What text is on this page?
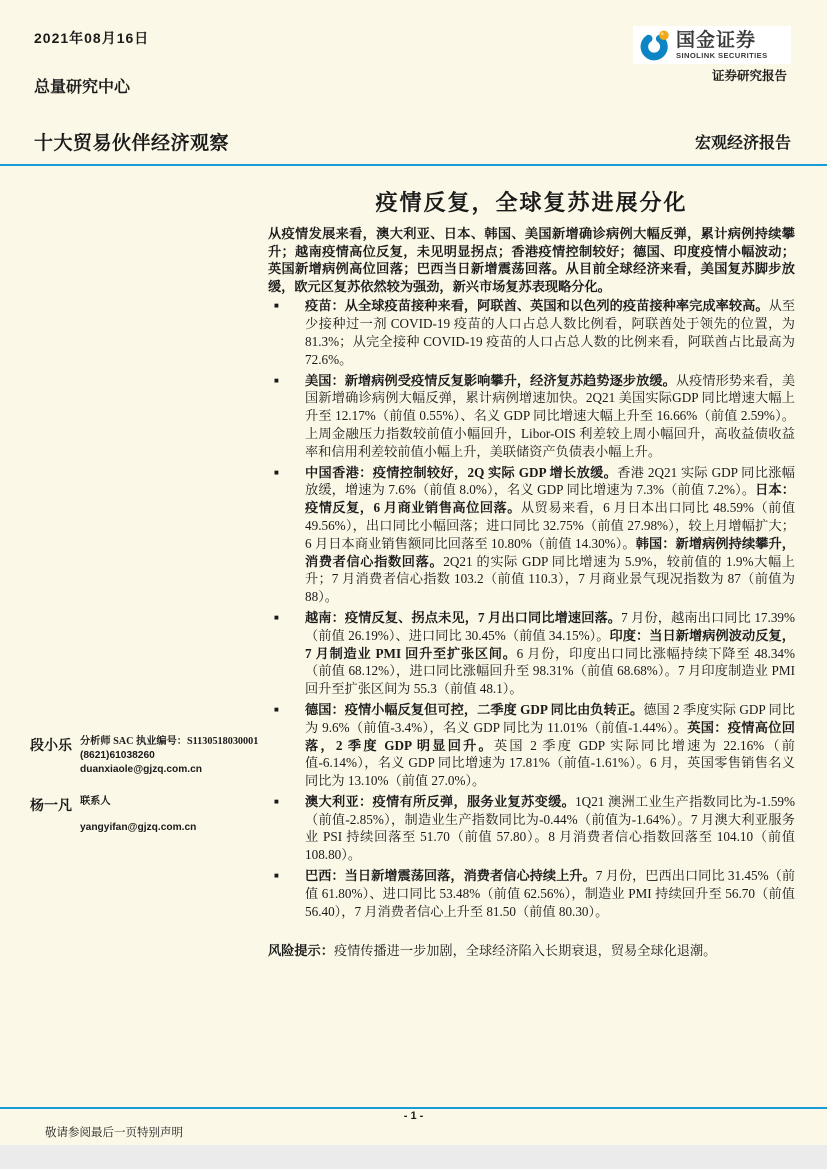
2021年08月16日	国金证券
SINOLINK SECURITIES
证券研究报告
总量研究中心
十大贸易伙伴经济观察	宏观经济报告
段小乐 分析师 SAC 执业编号：S1130518030001
(8621)61038260
duanxiaole@gjzq.com.cn
杨一凡 联系人
yangyifan@gjzq.com.cn
疫情反复，全球复苏进展分化

从疫情发展来看，澳大利亚、日本、韩国、美国新增确诊病例大幅反弹，累计病例持续攀升；越南疫情高位反复，未见明显拐点；香港疫情控制较好；德国、印度疫情小幅波动；英国新增病例高位回落；巴西当日新增震荡回落。从目前全球经济来看，美国复苏脚步放缓，欧元区复苏依然较为强劲，新兴市场复苏表现略分化。

■	疫苗：从全球疫苗接种来看，阿联酋、英国和以色列的疫苗接种率完成率较高。从至少接种过一剂 COVID-19 疫苗的人口占总人数比例看，阿联酋处于领先的位置，为 81.3%；从完全接种 COVID-19 疫苗的人口占总人数的比例来看，阿联酋占比最高为 72.6%。
■	美国：新增病例受疫情反复影响攀升，经济复苏趋势逐步放缓。从疫情形势来看，美国新增确诊病例大幅反弹，累计病例增速加快。2Q21 美国实际GDP 同比增速大幅上升至 12.17%（前值 0.55%）、名义 GDP 同比增速大幅上升至 16.66%（前值 2.59%）。上周金融压力指数较前值小幅回升，Libor-OIS 利差较上周小幅回升，高收益债收益率和信用利差较前值小幅上升，美联储资产负债表小幅上升。
■	中国香港：疫情控制较好，2Q 实际 GDP 增长放缓。香港 2Q21 实际 GDP 同比涨幅放缓，增速为 7.6%（前值 8.0%），名义 GDP 同比增速为 7.3%（前值 7.2%）。日本：疫情反复，6 月商业销售高位回落。从贸易来看，6 月日本出口同比 48.59%（前值 49.56%），出口同比小幅回落；进口同比 32.75%（前值 27.98%），较上月增幅扩大；6 月日本商业销售额同比回落至 10.80%（前值 14.30%）。韩国：新增病例持续攀升，消费者信心指数回落。2Q21 的实际 GDP 同比增速为 5.9%，较前值的 1.9%大幅上升；7 月消费者信心指数 103.2（前值 110.3），7 月商业景气现况指数为 87（前值为 88）。
■	越南：疫情反复、拐点未见，7 月出口同比增速回落。7 月份，越南出口同比 17.39%（前值 26.19%）、进口同比 30.45%（前值 34.15%）。印度：当日新增病例波动反复，7 月制造业 PMI 回升至扩张区间。6 月份，印度出口同比涨幅持续下降至 48.34%（前值 68.12%），进口同比涨幅回升至 98.31%（前值 68.68%）。7 月印度制造业 PMI 回升至扩张区间为 55.3（前值 48.1）。
■	德国：疫情小幅反复但可控，二季度 GDP 同比由负转正。德国 2 季度实际 GDP 同比为 9.6%（前值-3.4%），名义 GDP 同比为 11.01%（前值-1.44%）。英国：疫情高位回落，2 季度 GDP 明显回升。英国 2 季度 GDP 实际同比增速为 22.16%（前值-6.14%），名义 GDP 同比增速为 17.81%（前值-1.61%）。6 月，英国零售销售名义同比为 13.10%（前值 27.0%）。
■	澳大利亚：疫情有所反弹，服务业复苏变缓。1Q21 澳洲工业生产指数同比为-1.59%（前值-2.85%），制造业生产指数同比为-0.44%（前值为-1.64%）。7 月澳大利亚服务业 PSI 持续回落至 51.70（前值 57.80）。8 月消费者信心指数回落至 104.10（前值 108.80）。
■	巴西：当日新增震荡回落，消费者信心持续上升。7 月份，巴西出口同比 31.45%（前值 61.80%）、进口同比 53.48%（前值 62.56%），制造业 PMI 持续回升至 56.70（前值 56.40），7 月消费者信心上升至 81.50（前值 80.30）。

风险提示：疫情传播进一步加剧，全球经济陷入长期衰退，贸易全球化退潮。

- 1 -
敬请参阅最后一页特别声明
